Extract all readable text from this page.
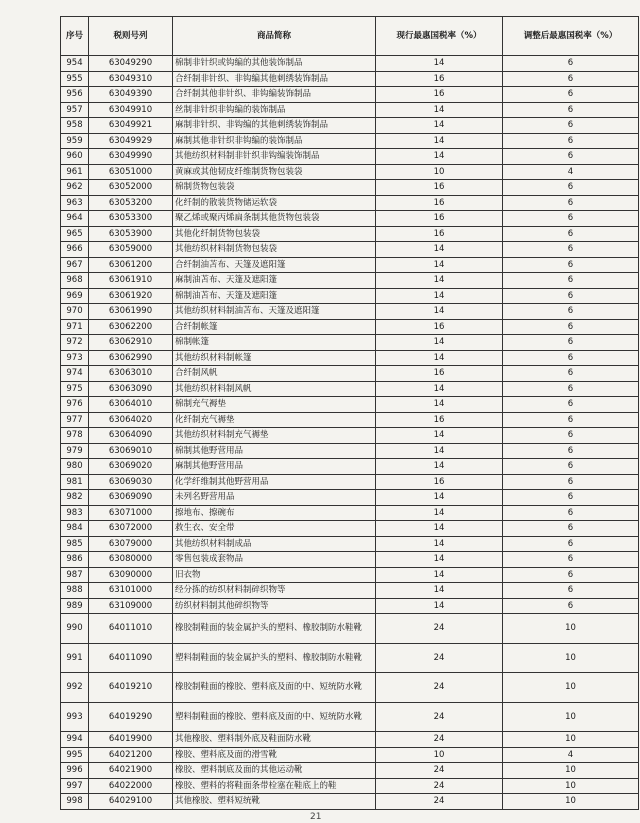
序号	税则号列	商品简称	现行最惠国税率（%）	调整后最惠国税率（%）
954	63049290	棉制非针织或钩编的其他装饰制品	14	6
955	63049310	合纤制非针织、非钩编其他刺绣装饰制品	16	6
956	63049390	合纤制其他非针织、非钩编装饰制品	16	6
957	63049910	丝制非针织非钩编的装饰制品	14	6
958	63049921	麻制非针织、非钩编的其他刺绣装饰制品	14	6
959	63049929	麻制其他非针织非钩编的装饰制品	14	6
960	63049990	其他纺织材料制非针织非钩编装饰制品	14	6
961	63051000	黄麻或其他韧皮纤维制货物包装袋	10	4
962	63052000	棉制货物包装袋	16	6
963	63053200	化纤制的散装货物储运软袋	16	6
964	63053300	聚乙烯或聚丙烯扁条制其他货物包装袋	16	6
965	63053900	其他化纤制货物包装袋	16	6
966	63059000	其他纺织材料制货物包装袋	14	6
967	63061200	合纤制油苫布、天篷及遮阳篷	14	6
968	63061910	麻制油苫布、天篷及遮阳篷	14	6
969	63061920	棉制油苫布、天篷及遮阳篷	14	6
970	63061990	其他纺织材料制油苫布、天篷及遮阳篷	14	6
971	63062200	合纤制帐篷	16	6
972	63062910	棉制帐篷	14	6
973	63062990	其他纺织材料制帐篷	14	6
974	63063010	合纤制风帆	16	6
975	63063090	其他纺织材料制风帆	14	6
976	63064010	棉制充气褥垫	14	6
977	63064020	化纤制充气褥垫	16	6
978	63064090	其他纺织材料制充气褥垫	14	6
979	63069010	棉制其他野营用品	14	6
980	63069020	麻制其他野营用品	14	6
981	63069030	化学纤维制其他野营用品	16	6
982	63069090	未列名野营用品	14	6
983	63071000	擦地布、擦碗布	14	6
984	63072000	救生衣、安全带	14	6
985	63079000	其他纺织材料制成品	14	6
986	63080000	零售包装成套物品	14	6
987	63090000	旧衣物	14	6
988	63101000	经分拣的纺织材料制碎织物等	14	6
989	63109000	纺织材料制其他碎织物等	14	6
990	64011010	橡胶制鞋面的装金属护头的塑料、橡胶制防水鞋靴	24	10
991	64011090	塑料制鞋面的装金属护头的塑料、橡胶制防水鞋靴	24	10
992	64019210	橡胶制鞋面的橡胶、塑料底及面的中、短统防水靴	24	10
993	64019290	塑料制鞋面的橡胶、塑料底及面的中、短统防水靴	24	10
994	64019900	其他橡胶、塑料制外底及鞋面防水靴	24	10
995	64021200	橡胶、塑料底及面的滑雪靴	10	4
996	64021900	橡胶、塑料制底及面的其他运动靴	24	10
997	64022000	橡胶、塑料的将鞋面条带栓塞在鞋底上的鞋	24	10
998	64029100	其他橡胶、塑料短统靴	24	10
21
